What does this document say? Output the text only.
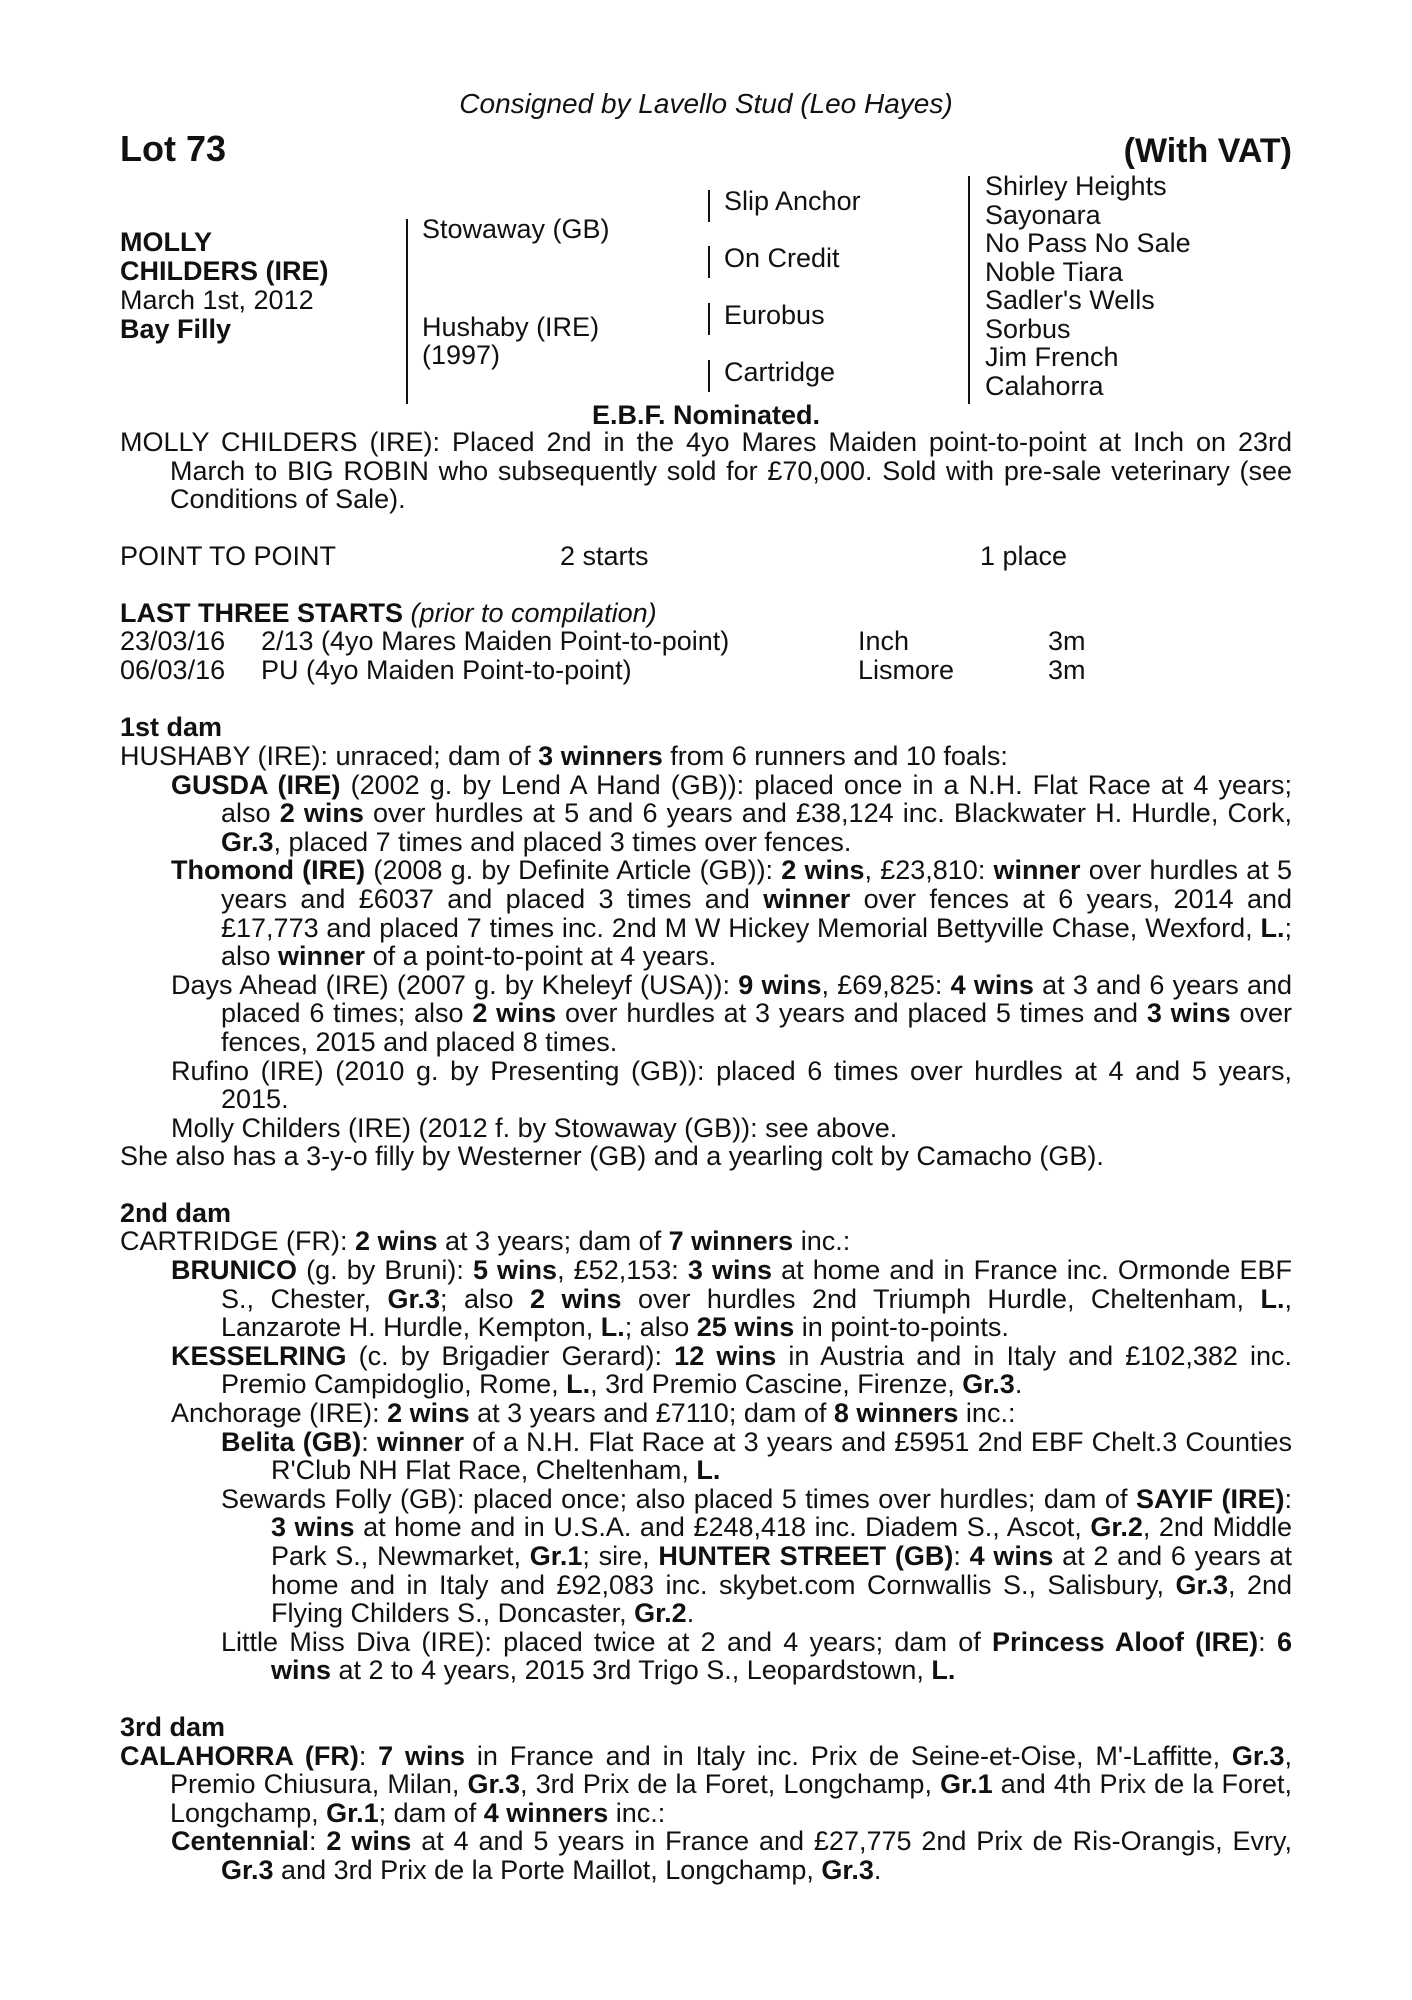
Consigned by Lavello Stud (Leo Hayes)
Lot 73	(With VAT)
MOLLY
CHILDERS (IRE)
March 1st, 2012
Bay Filly
Stowaway (GB)
Hushaby (IRE)
(1997)
Slip Anchor
On Credit
Eurobus
Cartridge
Shirley Heights
Sayonara
No Pass No Sale
Noble Tiara
Sadler's Wells
Sorbus
Jim French
Calahorra
E.B.F. Nominated.

MOLLY CHILDERS (IRE): Placed 2nd in the 4yo Mares Maiden point-to-point at Inch on 23rd March to BIG ROBIN who subsequently sold for £70,000. Sold with pre-sale veterinary (see Conditions of Sale).

POINT TO POINT	2 starts	1 place
LAST THREE STARTS (prior to compilation)
23/03/16 2/13 (4yo Mares Maiden Point-to-point)	Inch	3m
06/03/16 PU (4yo Maiden Point-to-point)	Lismore	3m
1st dam

HUSHABY (IRE): unraced; dam of 3 winners from 6 runners and 10 foals:

GUSDA (IRE) (2002 g. by Lend A Hand (GB)): placed once in a N.H. Flat Race at 4 years; also 2 wins over hurdles at 5 and 6 years and £38,124 inc. Blackwater H. Hurdle, Cork, Gr.3, placed 7 times and placed 3 times over fences.

Thomond (IRE) (2008 g. by Definite Article (GB)): 2 wins, £23,810: winner over hurdles at 5 years and £6037 and placed 3 times and winner over fences at 6 years, 2014 and £17,773 and placed 7 times inc. 2nd M W Hickey Memorial Bettyville Chase, Wexford, L.; also winner of a point-to-point at 4 years.

Days Ahead (IRE) (2007 g. by Kheleyf (USA)): 9 wins, £69,825: 4 wins at 3 and 6 years and placed 6 times; also 2 wins over hurdles at 3 years and placed 5 times and 3 wins over fences, 2015 and placed 8 times.

Rufino (IRE) (2010 g. by Presenting (GB)): placed 6 times over hurdles at 4 and 5 years, 2015.

Molly Childers (IRE) (2012 f. by Stowaway (GB)): see above.

She also has a 3-y-o filly by Westerner (GB) and a yearling colt by Camacho (GB).

2nd dam

CARTRIDGE (FR): 2 wins at 3 years; dam of 7 winners inc.:

BRUNICO (g. by Bruni): 5 wins, £52,153: 3 wins at home and in France inc. Ormonde EBF S., Chester, Gr.3; also 2 wins over hurdles 2nd Triumph Hurdle, Cheltenham, L., Lanzarote H. Hurdle, Kempton, L.; also 25 wins in point-to-points.

KESSELRING (c. by Brigadier Gerard): 12 wins in Austria and in Italy and £102,382 inc. Premio Campidoglio, Rome, L., 3rd Premio Cascine, Firenze, Gr.3.

Anchorage (IRE): 2 wins at 3 years and £7110; dam of 8 winners inc.:

Belita (GB): winner of a N.H. Flat Race at 3 years and £5951 2nd EBF Chelt.3 Counties R'Club NH Flat Race, Cheltenham, L.

Sewards Folly (GB): placed once; also placed 5 times over hurdles; dam of SAYIF (IRE): 3 wins at home and in U.S.A. and £248,418 inc. Diadem S., Ascot, Gr.2, 2nd Middle Park S., Newmarket, Gr.1; sire, HUNTER STREET (GB): 4 wins at 2 and 6 years at home and in Italy and £92,083 inc. skybet.com Cornwallis S., Salisbury, Gr.3, 2nd Flying Childers S., Doncaster, Gr.2.

Little Miss Diva (IRE): placed twice at 2 and 4 years; dam of Princess Aloof (IRE): 6 wins at 2 to 4 years, 2015 3rd Trigo S., Leopardstown, L.

3rd dam

CALAHORRA (FR): 7 wins in France and in Italy inc. Prix de Seine-et-Oise, M'-Laffitte, Gr.3, Premio Chiusura, Milan, Gr.3, 3rd Prix de la Foret, Longchamp, Gr.1 and 4th Prix de la Foret, Longchamp, Gr.1; dam of 4 winners inc.:

Centennial: 2 wins at 4 and 5 years in France and £27,775 2nd Prix de Ris-Orangis, Evry, Gr.3 and 3rd Prix de la Porte Maillot, Longchamp, Gr.3.
